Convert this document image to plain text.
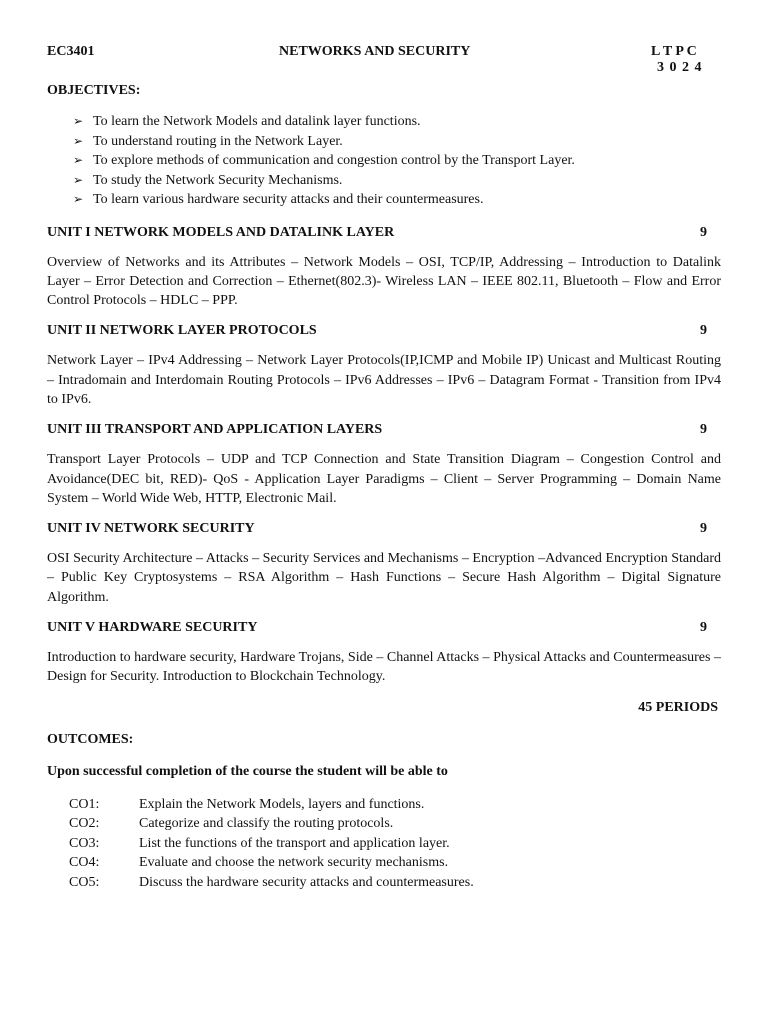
EC3401	NETWORKS AND SECURITY	L T P C
3 0 2 4
OBJECTIVES:
➢ To learn the Network Models and datalink layer functions.
➢ To understand routing in the Network Layer.
➢ To explore methods of communication and congestion control by the Transport Layer.
➢ To study the Network Security Mechanisms.
➢ To learn various hardware security attacks and their countermeasures.
UNIT I NETWORK MODELS AND DATALINK LAYER	9

Overview of Networks and its Attributes – Network Models – OSI, TCP/IP, Addressing – Introduction to Datalink Layer – Error Detection and Correction – Ethernet(802.3)- Wireless LAN – IEEE 802.11, Bluetooth – Flow and Error Control Protocols – HDLC – PPP.

UNIT II NETWORK LAYER PROTOCOLS	9

Network Layer – IPv4 Addressing – Network Layer Protocols(IP,ICMP and Mobile IP) Unicast and Multicast Routing – Intradomain and Interdomain Routing Protocols – IPv6 Addresses – IPv6 – Datagram Format - Transition from IPv4 to IPv6.

UNIT III TRANSPORT AND APPLICATION LAYERS	9

Transport Layer Protocols – UDP and TCP Connection and State Transition Diagram – Congestion Control and Avoidance(DEC bit, RED)- QoS - Application Layer Paradigms – Client – Server Programming – Domain Name System – World Wide Web, HTTP, Electronic Mail.

UNIT IV NETWORK SECURITY	9

OSI Security Architecture – Attacks – Security Services and Mechanisms – Encryption –Advanced Encryption Standard – Public Key Cryptosystems – RSA Algorithm – Hash Functions – Secure Hash Algorithm – Digital Signature Algorithm.

UNIT V HARDWARE SECURITY	9

Introduction to hardware security, Hardware Trojans, Side – Channel Attacks – Physical Attacks and Countermeasures – Design for Security. Introduction to Blockchain Technology.

45 PERIODS
OUTCOMES:
Upon successful completion of the course the student will be able to
CO1:	Explain the Network Models, layers and functions.
CO2:	Categorize and classify the routing protocols.
CO3:	List the functions of the transport and application layer.
CO4:	Evaluate and choose the network security mechanisms.
CO5:	Discuss the hardware security attacks and countermeasures.
